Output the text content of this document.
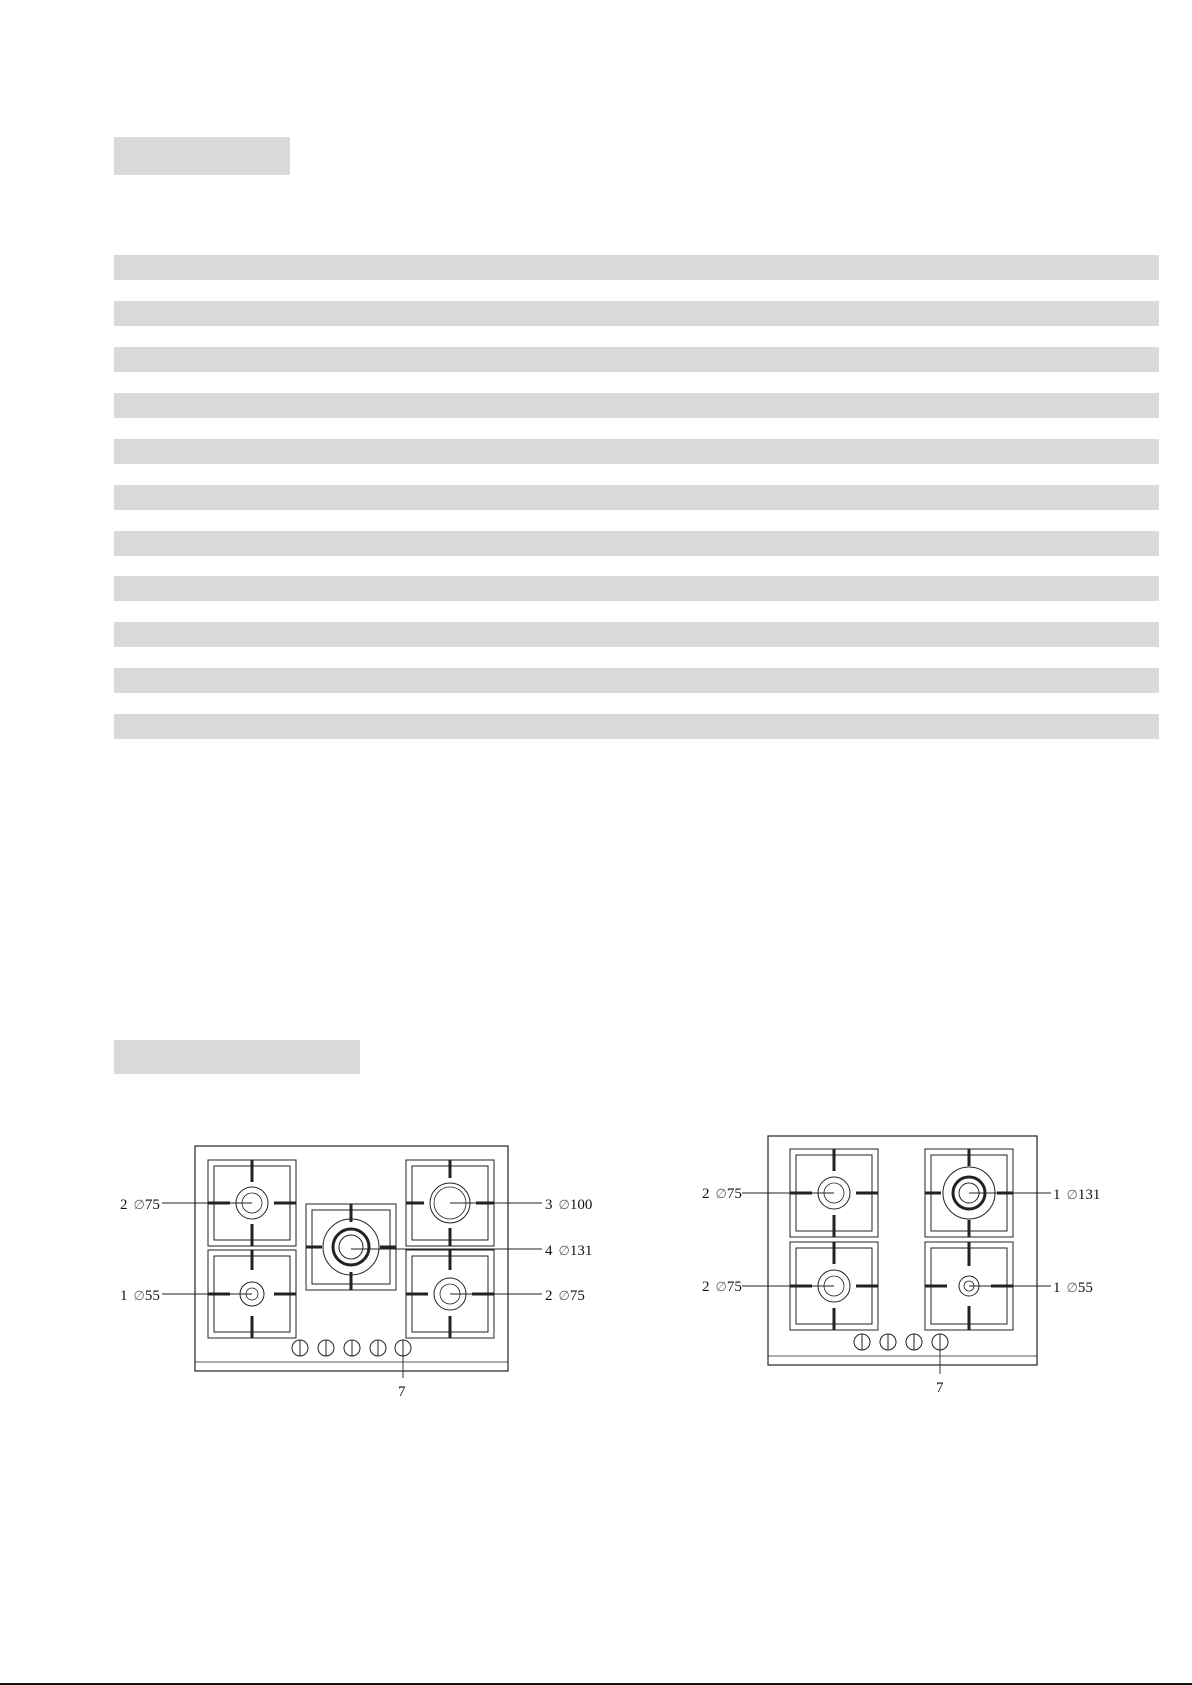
2 ∅75
1 ∅55
3 ∅100
4 ∅131
2 ∅75
7
2 ∅75
2 ∅75
1 ∅131
1 ∅55
7
